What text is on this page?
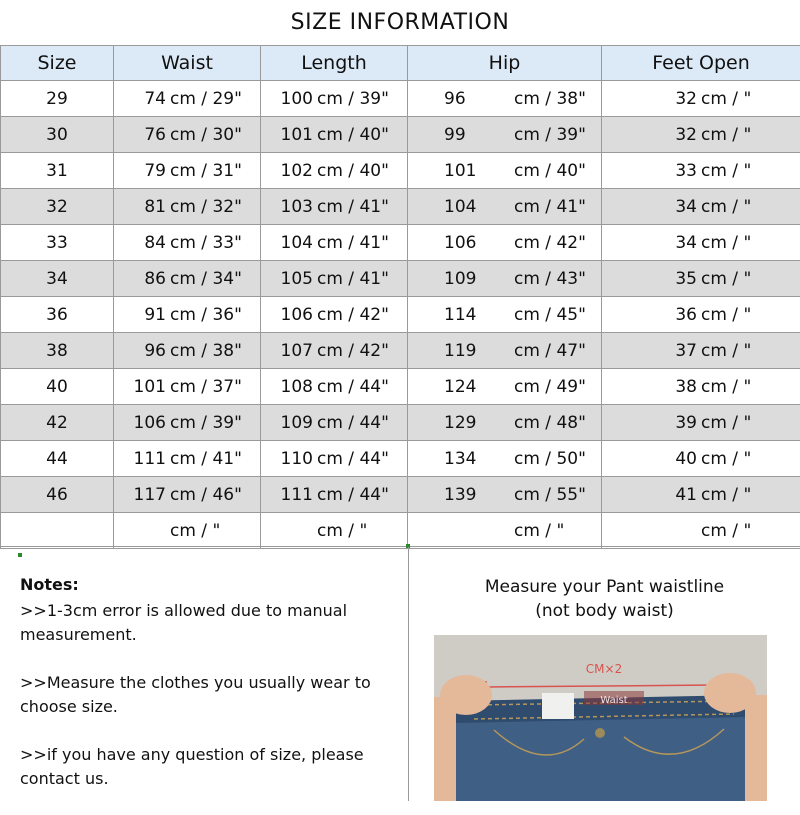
SIZE INFORMATION
Size	Waist	Length	Hip	Feet Open

29	74 cm / 29"	100 cm / 39"	96 cm / 38"	32 cm / "

30	76 cm / 30"	101 cm / 40"	99 cm / 39"	32 cm / "

31	79 cm / 31"	102 cm / 40"	101 cm / 40"	33 cm / "

32	81 cm / 32"	103 cm / 41"	104 cm / 41"	34 cm / "

33	84 cm / 33"	104 cm / 41"	106 cm / 42"	34 cm / "

34	86 cm / 34"	105 cm / 41"	109 cm / 43"	35 cm / "

36	91 cm / 36"	106 cm / 42"	114 cm / 45"	36 cm / "

38	96 cm / 38"	107 cm / 42"	119 cm / 47"	37 cm / "

40	101 cm / 37"	108 cm / 44"	124 cm / 49"	38 cm / "

42	106 cm / 39"	109 cm / 44"	129 cm / 48"	39 cm / "

44	111 cm / 41"	110 cm / 44"	134 cm / 50"	40 cm / "

46	117 cm / 46"	111 cm / 44"	139 cm / 55"	41 cm / "

	cm / "	cm / "	cm / "	cm / "
Notes:

>>1-3cm error is allowed due to manual measurement.

>>Measure the clothes you usually wear to choose size.

>>if you have any question of size, please contact us.

Measure your Pant waistline
(not body waist)
CM×2
Waist
